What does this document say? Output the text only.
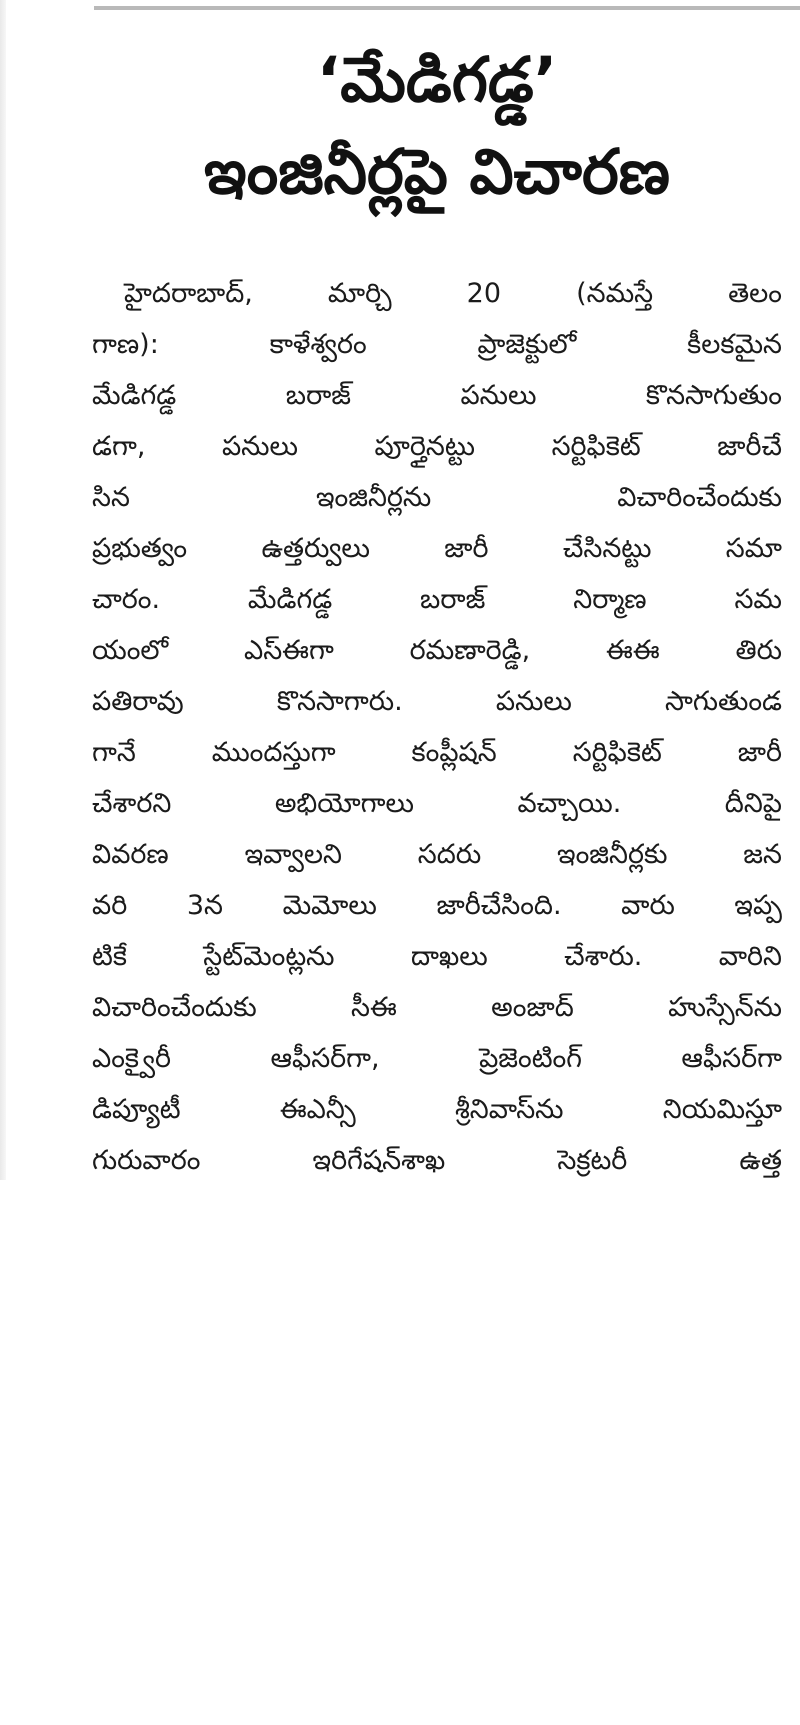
‘మేడిగడ్డ’
ఇంజినీర్లపై విచారణ
హైదరాబాద్, మార్చి 20 (నమస్తే తెలం
గాణ): కాళేశ్వరం ప్రాజెక్టులో కీలకమైన
మేడిగడ్డ బరాజ్ పనులు కొనసాగుతుం
డగా, పనులు పూర్తైనట్టు సర్టిఫికెట్ జారీచే
సిన ఇంజినీర్లను విచారించేందుకు
ప్రభుత్వం ఉత్తర్వులు జారీ చేసినట్టు సమా
చారం. మేడిగడ్డ బరాజ్ నిర్మాణ సమ
యంలో ఎస్ఈగా రమణారెడ్డి, ఈఈ తిరు
పతిరావు కొనసాగారు. పనులు సాగుతుండ
గానే ముందస్తుగా కంప్లీషన్ సర్టిఫికెట్ జారీ
చేశారని అభియోగాలు వచ్చాయి. దీనిపై
వివరణ ఇవ్వాలని సదరు ఇంజినీర్లకు జన
వరి 3న మెమోలు జారీచేసింది. వారు ఇప్ప
టికే స్టేట్‌మెంట్లను దాఖలు చేశారు. వారిని
విచారించేందుకు సీఈ అంజాద్ హుస్సేన్‌ను
ఎంక్వైరీ ఆఫీసర్‌గా, ప్రెజెంటింగ్ ఆఫీసర్‌గా
డిప్యూటీ ఈఎన్సీ శ్రీనివాస్‌ను నియమిస్తూ
గురువారం ఇరిగేషన్‌శాఖ సెక్రటరీ ఉత్త
